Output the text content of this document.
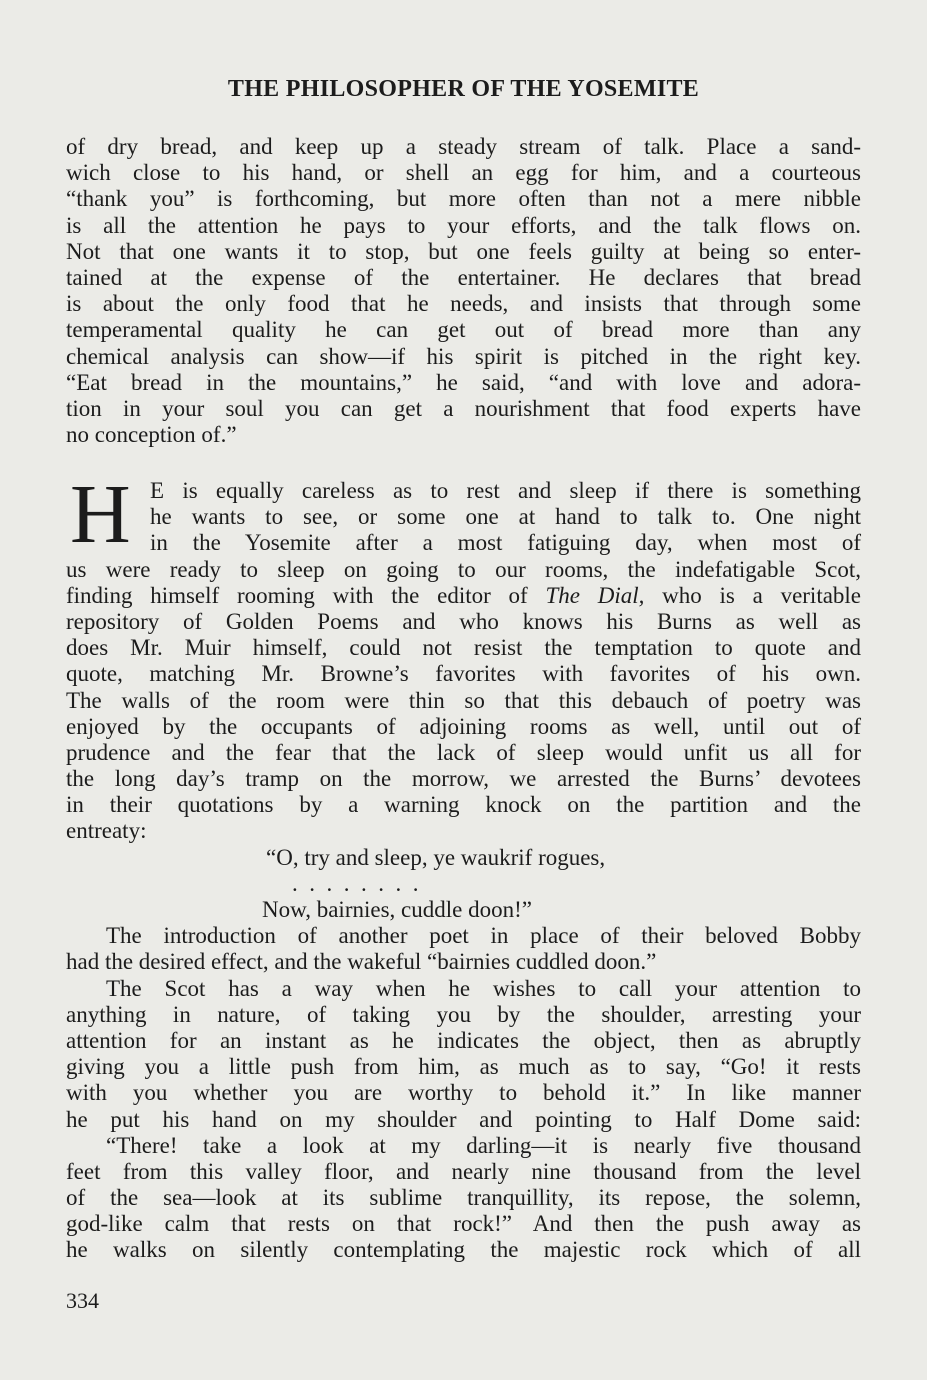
THE PHILOSOPHER OF THE YOSEMITE
of dry bread, and keep up a steady stream of talk. Place a sand-
wich close to his hand, or shell an egg for him, and a courteous
“thank you” is forthcoming, but more often than not a mere nibble
is all the attention he pays to your efforts, and the talk flows on.
Not that one wants it to stop, but one feels guilty at being so enter-
tained at the expense of the entertainer. He declares that bread
is about the only food that he needs, and insists that through some
temperamental quality he can get out of bread more than any
chemical analysis can show—if his spirit is pitched in the right key.
“Eat bread in the mountains,” he said, “and with love and adora-
tion in your soul you can get a nourishment that food experts have
no conception of.”
H E is equally careless as to rest and sleep if there is something
he wants to see, or some one at hand to talk to. One night
in the Yosemite after a most fatiguing day, when most of
us were ready to sleep on going to our rooms, the indefatigable Scot,
finding himself rooming with the editor of The Dial, who is a veritable
repository of Golden Poems and who knows his Burns as well as
does Mr. Muir himself, could not resist the temptation to quote and
quote, matching Mr. Browne’s favorites with favorites of his own.
The walls of the room were thin so that this debauch of poetry was
enjoyed by the occupants of adjoining rooms as well, until out of
prudence and the fear that the lack of sleep would unfit us all for
the long day’s tramp on the morrow, we arrested the Burns’ devotees
in their quotations by a warning knock on the partition and the
entreaty:
“O, try and sleep, ye waukrif rogues,
.  .  .  .  .  .  .  .
Now, bairnies, cuddle doon!”
The introduction of another poet in place of their beloved Bobby
had the desired effect, and the wakeful “bairnies cuddled doon.”
The Scot has a way when he wishes to call your attention to
anything in nature, of taking you by the shoulder, arresting your
attention for an instant as he indicates the object, then as abruptly
giving you a little push from him, as much as to say, “Go! it rests
with you whether you are worthy to behold it.” In like manner
he put his hand on my shoulder and pointing to Half Dome said:
“There! take a look at my darling—it is nearly five thousand
feet from this valley floor, and nearly nine thousand from the level
of the sea—look at its sublime tranquillity, its repose, the solemn,
god-like calm that rests on that rock!” And then the push away as
he walks on silently contemplating the majestic rock which of all
334
